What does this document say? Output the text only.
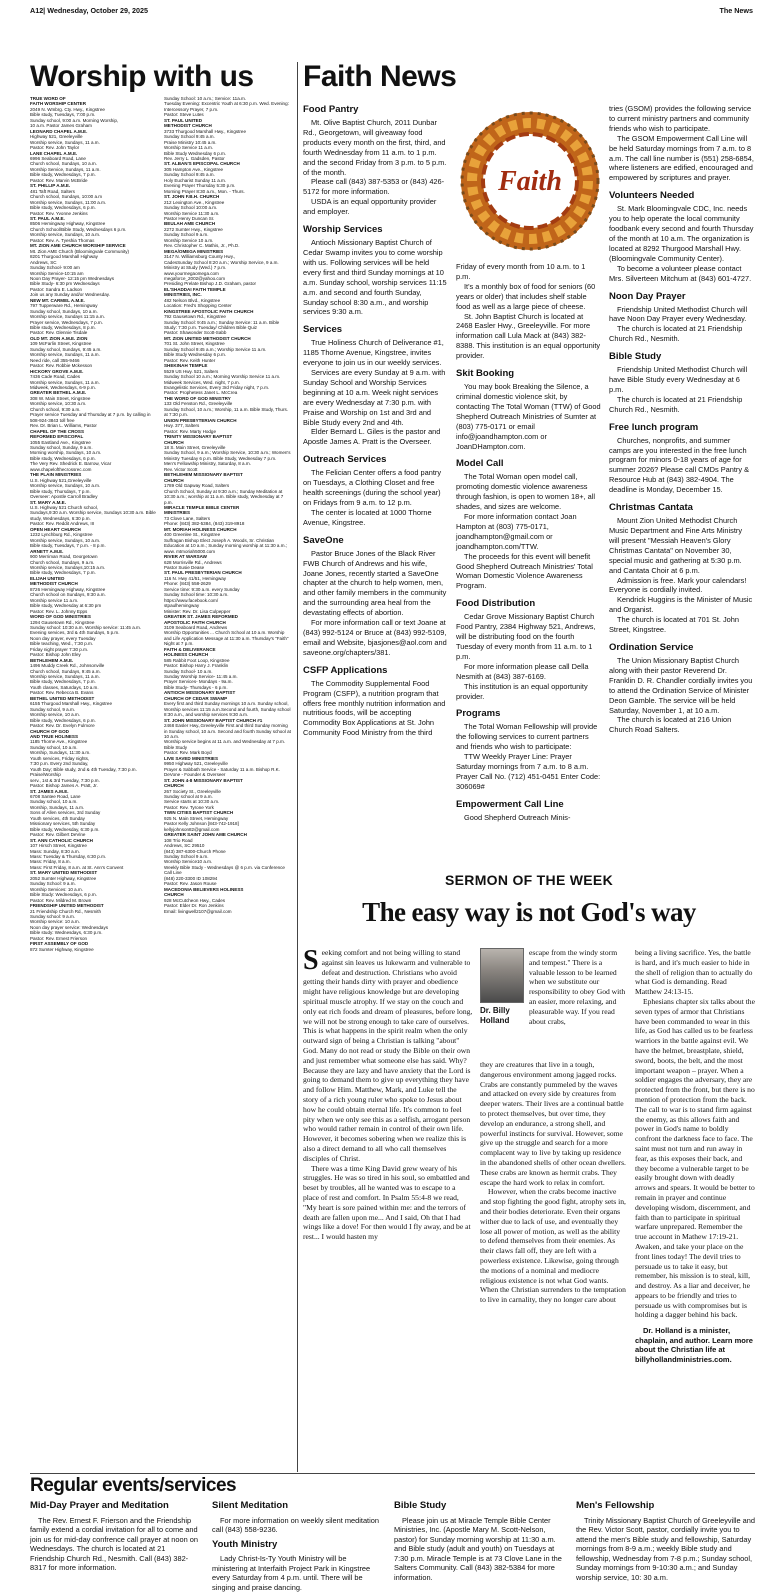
A12| Wednesday, October 29, 2025	The News
Worship with us
TRUE WORD OF
FAITH WORSHIP CENTER
2049 N. Wmbrg. Cty. Hwy., Kingstree
Bible study, Tuesdays, 7:00 p.m.
Sunday school, 9:00 a.m. Morning Worship,
10 a.m. Pastor James Graham
LEONARD CHAPEL A.M.E.
Highway 521, Greeleyville
Worship service, Sundays, 11 a.m.
Pastor: Rev. John Taylor
LANE CHAPEL A.M.E.
6996 Seaboard Road, Lane
Church school, Sundays, 10 a.m.
Worship Service, Sundays, 11 a.m.
Bible study, Wednesdays, 7 p.m.
Pastor: Rev. Marvin McBride
ST. PHILLIP A.M.E.
481 Taft Road, Salters
Church school, Sundays, 10:00 a.m
Worship service, Sundays, 11:00 a.m.
Bible study, Wednesdays, 6 p.m.
Pastor: Rev. Yvonne Jenkins
ST. PAUL A.M.E.
8506 Hemingway Highway, Kingstree
Church School/Bible Study, Wednesdays 6 p.m.
Worship service, Sundays, 10 a.m.
Pastor: Rev. A. Tyeshia Thomas
MT. ZION AME CHURCH WORSHIP SERVICE
Mt. Zion AME Church (Bloomingvale Community)
8201 Thurgood Marshall Highway
Andrews, SC
Sunday School- 9:00 am
Worship Service-10:15 am
Noon Day Prayer- 12:15 pm Wednesdays
Bible Study- 6:30 pm Wednesdays
Pastor: Sandra E. Ladson
Join us any Sunday and/or Wednesday.
NEW MT. CARMEL A.M.E.
797 Tupperware Rd., Hemingway
Sunday school, Sundays, 10 a.m.
Worship service, Sundays 11:15 a.m.
Prayer service, Wednesdays, 7 p.m.
Bible study, Wednesdays, 8 p.m.
Pastor: Rev. Glennie Tisdale
OLD MT. ZION A.M.E. ZION
109 McFarlin Street, Kingstree
Sunday school, Sundays, 9:45 a.m.
Worship service, Sundays, 11 a.m.
Need ride, call 355-9466
Pastor: Rev. Robbie Mckesson
HICKORY GROVE A.M.E.
7436 Cade Road, Cades
Worship service, Sundays, 11 a.m.
Midweek, Wednesdays, 6-9 p.m.
GREATER BETHEL A.M.E.
308 W. Main Street, Kingstree
Worship service, 10:30 a.m.
Church school, 9:30 a.m.
Prayer service Tuesday and Thursday at 7 p.m. by calling in 508-924-3843 toll free
Rev. Dr. Brian L. Williams, Pastor
CHAPEL OF THE CROSS
REFORMED EPISCOPAL
1055 Eastland Ave., Kingstree
Sunday school, Sunday, 9 a.m.
Morning worship, Sundays, 10 a.m.
Bible study, Wednesdays, 6 p.m.
The Very Rev. Shedrick E. Barrow, Vicar
www.chapelofthecrossrec.com
THE PLAIN MINISTRIES
U.S. Highway 521,Greeleyville
Worship service, Sundays, 10 a.m.
Bible study, Thursdays, 7 p.m.
Overseer: Apostle Carroll Bradley
ST. MARY A.M.E.
U.S. Highway 521 Church school,
Sundays,9:30 a.m. Worship service, Sundays 10:30 a.m. Bible study, Wednesdays, 6:30 p.m.
Pastor: Rev. Reddit Andrews, III
OPEN HEART CHURCH
1232 Lynchburg Rd., Kingstree
Worship service, Sundays, 10 a.m.
Bible study, Tuesdays, 7 p.m. - 8 p.m.
ARNETT A.M.E.
900 Merriman Road, Georgetown
Church school, Sundays, 9 a.m.
Worship service, Sundays,10:15 a.m.
Bible study, Wednesdays, 7 p.m.
ELIJAH UNITED
METHODIST CHURCH
8726 Hemingway Highway, Kingstree
Church school on Sundays, 9:30 a.m.
Worship service 11 a.m.
Bible study, Wednesday at 6:30 pm
Pastor: Rev. L. Johnny Epps
WORD OF GOD MINISTRIES
1294 Gausetown Rd., Kingstree
Sunday school: 10:30 a.m. Worship service: 11:45 a.m. Evening services, 3rd & 4th Sundays, 5 p.m.
Noon day prayer, every Tuesday
Bible teaching, Wed., 7:30 p.m.
Friday night prayer 7:30 p.m.
Pastor: Bishop John Eley
BETHLEHEM A.M.E.
1496 Muddy Creek Rd., Johnsonville
Church school, Sundays, 9:45 a.m.
Worship service, Sundays, 11 a.m.
Bible study, Wednesdays, 7 p.m.
Youth classes, Saturdays, 10 a.m.
Pastor: Rev. Rebecca B. Evans
BETHEL UNITED METHODIST
6155 Thurgood Marshall Hwy., Kingstree
Sunday school, 9 a.m.
Worship service, 10 a.m.
Bible study, Wednesdays, 6 p.m.
Pastor: Rev. Dr. Evelyn Fulmore
CHURCH OF GOD
AND TRUE HOLINESS
1185 Thorne Ave., Kingstree
Sunday school, 10 a.m.
Worship, Sundays, 11:30 a.m.
Youth services, Friday nights,
7:30 p.m. Every 2nd Sunday,
Youth Day; Bible study, 2nd & 4th Tuesday, 7:30 p.m. Praise/Worship
serv., 1st & 3rd Tuesday, 7:30 p.m.
Pastor: Bishop James A. Pratt, Jr.
ST. JAMES A.M.E.
6708 Santee Road, Lane
Sunday school, 10 a.m.
Worship, Sundays, 11 a.m.
Sons of Allen services, 3rd Sunday
Youth services, 4th Sunday
Missionary services, 5th Sunday
Bible study, Wednesday, 6:30 p.m.
Pastor: Rev. Gilbert DeVine
ST. ANN CATHOLIC CHURCH
107 Hirsch Street, Kingstree
Mass: Sunday, 8:30 a.m.
Mass: Tuesday & Thursday, 6:30 p.m.
Mass: Friday, 8 a.m.
Mass: First Friday, 8 a.m. at St. Ann's Convent
ST. MARY UNITED METHODIST
2052 Sumter Highway, Kingstree
Sunday School: 9 a.m.
Worship Services: 10 a.m.
Bible Study: Wednesdays, 6 p.m.
Pastor: Rev. Mildred M. Brown
FRIENDSHIP UNITED METHODIST
21 Friendship Church Rd., Nesmith
Sunday school: 9 a.m.
Worship service: 10 a.m.
Noon day prayer service: Wednesdays
Bible study: Wednesdays, 6:30 p.m.
Pastor: Rev. Ernest Frierson
FIRST ASSEMBLY OF GOD
872 Sumter Highway, Kingstree
Sunday School: 10 a.m.; Service: 11a.m.
Tuesday Evening: Excentric Youth at 6:30 p.m. Wed. Evening: Intercessory Prayer, 7 p.m.
Pastor: Steve Lutes
ST. PAUL UNITED
METHODIST CHURCH
3733 Thurgood Marshall Hwy., Kingstree
Sunday School 9:45 a.m.
Praise Ministry 10:45 a.m.
Worship Service 11 a.m.
Bible Study Wednesday 6 p.m.
Rev. Jerry L. Gadsden, Pastor
ST. ALBAN'S EPISCOPAL CHURCH
305 Hampton Ave., Kingstree
Sunday School 9:45 a.m.
Holy Eucharist Sunday 11 a.m.
Evening Prayer Thursday 5:30 p.m.
Morning Prayer 8:30 a.m., Mon. - Thurs.
ST. JOHN F.B.H. CHURCH
212 Lexington Ave., Kingstree
Sunday School 10:00 a.m.
Worship Service 11:30 a.m.
Pastor Henry Duncan Sr.
BEULAH AME CHURCH
2272 Sumter Hwy., Kingstree
Sunday School 9 a.m.
Worship Service 10 a.m.
Rev. Christopher C. Mathis, Jr., Ph.D.
MEGA/OMEGA MINISTRIES
3147 N. Williamsburg County Hwy.,
CadesSunday School 8:20 a.m.; Worship Service, 9 a.m.
Ministry at Study (Wed.) 7 p.m.
www.yourmegaomega.com
megaforce_2002@yahoo.com
Presiding Prelate Bishop J.D. Graham, pastor
EL'SHADDAI FAITH TEMPLE
MINISTRIES, INC.
482 Nelson Blvd., Kingstree
Location: Fred's Shopping Center
KINGSTREE APOSTOLIC FAITH CHURCH
792 Gausetown Rd., Kingstree
Sunday School: 9:45 a.m.; Sunday Service: 11 a.m. Bible Study: 7:30 p.m. Tuesday/ Children Bible Quiz
Pastor: Shawonder Scott-Sabb
MT. ZION UNITED METHODIST CHURCH
701 St. John Street, Kingstree
Sunday School 9:45 a.m.; Worship Service 11 a.m.
Bible Study Wednesday 6 p.m.
Pastor: Rev. Keith Hunter
SHEKINAH TEMPLE
5529 US Hwy. 521, Salters
Sunday School 10 a.m.; Morning Worship Service 11 a.m.
Midweek Services, Wed. night, 7 p.m.
Evangelistic Services, Every 3rd Friday night, 7 p.m.
Pastor: Prophetess Janet L. McCrea
THE WORD OF GOD MINISTRY
133 Old Fenston Rd., Greeleyville
Sunday School, 10 a.m.; Worship, 11 a.m. Bible Study, Thurs. at 7:30 p.m.
UNION PRESBYTERIAN CHURCH
Hwy. 377, Salters
Pastor: Rev. Marty Hodge
TRINITY MISSIONARY BAPTIST
CHURCH
18 S. Main Street, Greeleyville
Sunday School, 9 a.m.; Worship Service, 10:30 a.m.; Women's Ministry Tuesday 6 p.m. Bible Study, Wednesday 7 p.m.
Men's Fellowship Ministry, Saturday, 8 a.m.
Rev. Victor Scott
BETHLEHEM MISSIONARY BAPTIST
CHURCH
1789 Old Gapway Road, Salters
Church School, Sunday at 9:30 a.m.; Sunday Meditation at 10:30 a.m.; worship at 11 a.m. Bible study, Wednesday at 7 p.m.
MIRACLE TEMPLE BIBLE CENTER
MINISTRIES
73 Clove Lane, Salters
Phone: (843) 382-5384, (843) 319-8918
MT. MORIAH HOLINESS CHURCH
400 Greenlee St., Kingstree
Suffragan Bishop Elect Joseph A. Woods, Sr. Christian Education at 10 a.m.; Sunday morning worship at 11:30 a.m.; www. mtmoriah5000.com
RIVER AT WARSAW
628 Morrisville Rd., Andrews
Pastor Susie Dease
ST. PAUL PRESBYTERIAN CHURCH
116 N. Hwy 41/51, Hemingway
Phone: (843) 558-2629
Service time: 9:30 a.m. every Sunday
Sunday School time: 10:30 a.m.
https://www.facebook.com/
stpaulhemingway
Minister: Rev. Dr. Lisa Culpepper
GREATER ST. JAMES REFORMED
APOSTOLIC FAITH CHURCH
3109 Seaboard Road, Andrews
Worship Opportunities ... Church School at 10 a.m. Worship and Life Application Message at 11:30 a.m. Thursday's "Faith" Night at 7 p.m.
FAITH & DELIVERANCE
HOLINESS CHURCH
585 Rabbit Foot Loop, Kingstree
Pastor: Bishop Harry J. Franklin
Sunday School- 10 a.m.
Sunday Worship Service- 11:45 a.m.
Prayer Services- Mondays - 9a.m.
Bible Study- Thursdays - 6 p.m.
ANTIOCH MISSIONARY BAPTIST
CHURCH OF CEDAR SWAMP
Every first and third Sunday mornings 10 a.m. Sunday school, Worship services 11:15 a.m.Second and fourth, Sunday school 8:30 a.m., and worship services 9:30 a.m.
ST. JOHN MISSIONARY BAPTIST CHURCH #1
2468 Easler Hwy.,Greeleyville First and third Sunday morning in Sunday school, 10 a.m. Second and fourth Sunday school at 10 a.m.
Worship service begins at 11 a.m. and Wednesday at 7 p.m. Bible Study
Pastor: Rev. Mark Boyd
LIVE SAVED MINISTRIES
9950 Highway 521, Greeleyville
Prayer & Sabbath Service - Saturday 11 a.m. Bishop R.K. DeVone - Founder & Overseer
ST. JOHN 4-8 MISSIONARY BAPTIST
CHURCH
267 Society St., Greeleyville
Sunday school at 9 a.m.
Service starts at 10:30 a.m.
Pastor: Rev. Tyrone York
TWIN CITIES BAPTIST CHURCH
925 N. Main Street, Hemingway
Pastor Kelly Johnson [843-742-1918]
kellyjohnson82@gmail.com
GREATER SAINT JOHN AME CHURCH
108 Trio Road
Andrews, SC 29510
(843) 387-6300-Church Phone
Sunday School 9 a.m.
Worship Service10 a.m.
Weekly Bible Study - Wednesdays @ 6 p.m. via Conference Call Line
(848) 220-3300 ID 108294
Pastor: Rev. Jason Rouse
MACEDONIA BELIEVERS HOLINESS
CHURCH
928 McCutcheon Hwy., Cades
Pastor: Elder Dr. Ron Jenkins
Email: livingwell2107@gmail.com
Faith News
Food Pantry

Mt. Olive Baptist Church, 2011 Dunbar Rd., Georgetown, will giveaway food products every month on the first, third, and fourth Wednesday from 11 a.m. to 1 p.m. and the second Friday from 3 p.m. to 5 p.m. of the month.

Please call (843) 387-5353 or (843) 426-5172 for more information.

USDA is an equal opportunity provider and employer.

Worship Services

Antioch Missionary Baptist Church of Cedar Swamp invites you to come worship with us. Following services will be held every first and third Sunday mornings at 10 a.m. Sunday school, worship services 11:15 a.m. and second and fourth Sunday, Sunday school 8:30 a.m., and worship services 9:30 a.m.

Services

True Holiness Church of Deliverance #1, 1185 Thorne Avenue, Kingstree, invites everyone to join us in our weekly services.

Services are every Sunday at 9 a.m. with Sunday School and Worship Services beginning at 10 a.m. Week night services are every Wednesday at 7:30 p.m. with Praise and Worship on 1st and 3rd and Bible Study every 2nd and 4th.

Elder Bernard L. Giles is the pastor and Apostle James A. Pratt is the Overseer.

Outreach Services

The Felician Center offers a food pantry on Tuesdays, a Clothing Closet and free health screenings (during the school year) on Fridays from 9 a.m. to 12 p.m.

The center is located at 1000 Thorne Avenue, Kingstree.

SaveOne

Pastor Bruce Jones of the Black River FWB Church of Andrews and his wife, Joane Jones, recently started a SaveOne chapter at the church to help women, men, and other family members in the community and the surrounding area heal from the devastating effects of abortion.

For more information call or text Joane at (843) 992-5124 or Bruce at (843) 992-5109, email and Website, bjasjones@aol.com and saveone.org/chapters/381.

CSFP Applications

The Commodity Supplemental Food Program (CSFP), a nutrition program that offers free monthly nutrition information and nutritious foods, will be accepting Commodity Box Applications at St. John Community Food Ministry from the third

Faith

Friday of every month from 10 a.m. to 1 p.m.

It's a monthly box of food for seniors (60 years or older) that includes shelf stable food as well as a large piece of cheese.

St. John Baptist Church is located at 2468 Easler Hwy., Greeleyville. For more information call Lula Mack at (843) 382-8388. This institution is an equal opportunity provider.

Skit Booking

You may book Breaking the Silence, a criminal domestic violence skit, by contacting The Total Woman (TTW) of Good Shepherd Outreach Ministries of Sumter at (803) 775-0171 or email info@joandhampton.com or JoanDHampton.com.

Model Call

The Total Woman open model call, promoting domestic violence awareness through fashion, is open to women 18+, all shades, and sizes are welcome.

For more information contact Joan Hampton at (803) 775-0171, joandhampton@gmail.com or joandhampton.com/TTW.

The proceeds for this event will benefit Good Shepherd Outreach Ministries' Total Woman Domestic Violence Awareness Program.

Food Distribution

Cedar Grove Missionary Baptist Church Food Pantry, 2384 Highway 521, Andrews, will be distributing food on the fourth Tuesday of every month from 11 a.m. to 1 p.m.

For more information please call Della Nesmith at (843) 387-6169.

This institution is an equal opportunity provider.

Programs

The Total Woman Fellowship will provide the following services to current partners and friends who wish to participate:

TTW Weekly Prayer Line: Prayer Saturday mornings from 7 a.m. to 8 a.m. Prayer Call No. (712) 451-0451 Enter Code: 306069#

Empowerment Call Line

Good Shepherd Outreach Minis-

tries (GSOM) provides the following service to current ministry partners and community friends who wish to participate.

The GSOM Empowerment Call Line will be held Saturday mornings from 7 a.m. to 8 a.m. The call line number is (551) 258-6854, where listeners are edified, encouraged and empowered by scriptures and prayer.

Volunteers Needed

St. Mark Bloomingvale CDC, Inc. needs you to help operate the local community foodbank every second and fourth Thursday of the month at 10 a.m. The organization is located at 8292 Thurgood Marshall Hwy. (Bloomingvale Community Center).

To become a volunteer please contact Mrs. Silverteen Mitchum at (843) 601-4727.

Noon Day Prayer

Friendship United Methodist Church will have Noon Day Prayer every Wednesday.

The church is located at 21 Friendship Church Rd., Nesmith.

Bible Study

Friendship United Methodist Church will have Bible Study every Wednesday at 6 p.m.

The church is located at 21 Friendship Church Rd., Nesmith.

Free lunch program

Churches, nonprofits, and summer camps are you interested in the free lunch program for minors 0-18 years of age for summer 2026? Please call CMDs Pantry & Resource Hub at (843) 382-4904. The deadline is Monday, December 15.

Christmas Cantata

Mount Zion United Methodist Church Music Department and Fine Arts Ministry will present "Messiah Heaven's Glory Christmas Cantata" on November 30, special music and gathering at 5:30 p.m. and Cantata Choir at 6 p.m.

Admission is free. Mark your calendars! Everyone is cordially invited.

Kendrick Huggins is the Minister of Music and Organist.

The church is located at 701 St. John Street, Kingstree.

Ordination Service

The Union Missionary Baptist Church along with their pastor Reverend Dr. Franklin D. R. Chandler cordially invites you to attend the Ordination Service of Minister Deon Gamble. The service will be held Saturday, November 1, at 10 a.m.

The church is located at 216 Union Church Road Salters.

SERMON OF THE WEEK
The easy way is not God's way

Seeking comfort and not being willing to stand against sin leaves us lukewarm and vulnerable to defeat and destruction. Christians who avoid getting their hands dirty with prayer and obedience might have religious knowledge but are developing spiritual muscle atrophy. If we stay on the couch and only eat rich foods and dream of pleasures, before long, we will not be strong enough to take care of ourselves. This is what happens in the spirit realm when the only outward sign of being a Christian is talking "about" God. Many do not read or study the Bible on their own and just remember what someone else has said. Why? Because they are lazy and have anxiety that the Lord is going to demand them to give up everything they have and follow Him. Matthew, Mark, and Luke tell the story of a rich young ruler who spoke to Jesus about how he could obtain eternal life. It's common to feel pity when we only see this as a selfish, arrogant person who would rather remain in control of their own life. However, it becomes sobering when we realize this is also a direct demand to all who call themselves disciples of Christ.

There was a time King David grew weary of his struggles. He was so tired in his soul, so embattled and beset by troubles, all he wanted was to escape to a place of rest and comfort. In Psalm 55:4-8 we read, "My heart is sore pained within me: and the terrors of death are fallen upon me... And I said, Oh that I had wings like a dove! For then would I fly away, and be at rest... I would hasten my

Dr. Billy Holland

escape from the windy storm and tempest." There is a valuable lesson to be learned when we substitute our responsibility to obey God with an easier, more relaxing, and pleasurable way. If you read about crabs,

they are creatures that live in a tough, dangerous environment among jagged rocks. Crabs are constantly pummeled by the waves and attacked on every side by creatures from deeper waters. Their lives are a continual battle to protect themselves, but over time, they develop an endurance, a strong shell, and powerful instincts for survival. However, some give up the struggle and search for a more complacent way to live by taking up residence in the abandoned shells of other ocean dwellers. These crabs are known as hermit crabs. They escape the hard work to relax in comfort.

However, when the crabs become inactive and stop fighting the good fight, atrophy sets in, and their bodies deteriorate. Even their organs wither due to lack of use, and eventually they lose all power of motion, as well as the ability to defend themselves from their enemies. As their claws fall off, they are left with a powerless existence. Likewise, going through the motions of a nominal and mediocre religious existence is not what God wants. When the Christian surrenders to the temptation to live in carnality, they no longer care about

being a living sacrifice. Yes, the battle is hard, and it's much easier to hide in the shell of religion than to actually do what God is demanding. Read Matthew 24:13-15.

Ephesians chapter six talks about the seven types of armor that Christians have been commanded to wear in this life, as God has called us to be fearless warriors in the battle against evil. We have the helmet, breastplate, shield, sword, boots, the belt, and the most important weapon – prayer. When a soldier engages the adversary, they are protected from the front, but there is no mention of protection from the back. The call to war is to stand firm against the enemy, as this allows faith and power in God's name to boldly confront the darkness face to face. The saint must not turn and run away in fear, as this exposes their back, and they become a vulnerable target to be easily brought down with deadly arrows and spears. It would be better to remain in prayer and continue developing wisdom, discernment, and faith than to participate in spiritual warfare unprepared. Remember the true account in Mathew 17:19-21. Awaken, and take your place on the front lines today! The devil tries to persuade us to take it easy, but remember, his mission is to steal, kill, and destroy. As a liar and deceiver, he appears to be friendly and tries to persuade us with compromises but is holding a dagger behind his back.

Dr. Holland is a minister, chaplain, and author. Learn more about the Christian life at billyhollandministries.com.

Regular events/services
Mid-Day Prayer and Meditation

The Rev. Ernest F. Frierson and the Friendship family extend a cordial invitation for all to come and join us for mid-day confrence call prayer at noon on Wednesdays. The church is located at 21 Friendship Church Rd., Nesmith. Call (843) 382-8317 for more information.

Silent Meditation

For more information on weekly silent meditation call (843) 558-9236.

Youth Ministry

Lady Christ-Is-Ty Youth Ministry will be ministering at Interfaith Project Park in Kingstree every Saturday from 4 p.m. until. There will be singing and praise dancing.

Bible Study

Please join us at Miracle Temple Bible Center Ministries, Inc. (Apostle Mary M. Scott-Nelson, pastor) for Sunday morning worship at 11:30 a.m. and Bible study (adult and youth) on Tuesdays at 7:30 p.m. Miracle Temple is at 73 Clove Lane in the Salters Community. Call (843) 382-5384 for more information.

Men's Fellowship

Trinity Missionary Baptist Church of Greeleyville and the Rev. Victor Scott, pastor, cordially invite you to attend the men's Bible study and fellowship, Saturday mornings from 8-9 a.m.; weekly Bible study and fellowship, Wednesday from 7-8 p.m.; Sunday school, Sunday mornings from 9-10:30 a.m.; and Sunday worship service, 10: 30 a.m.
